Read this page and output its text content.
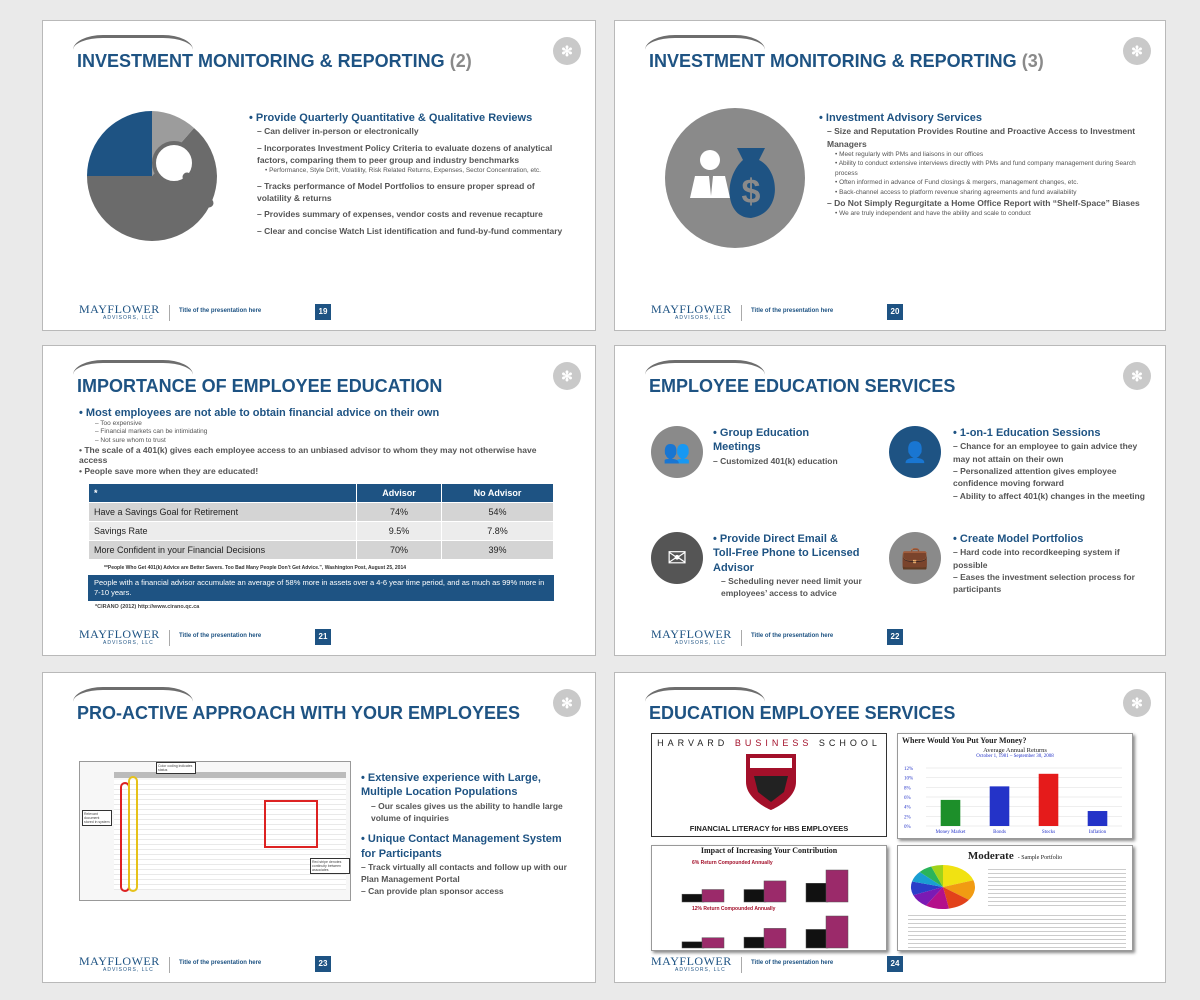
✻
INVESTMENT MONITORING & REPORTING (2)
• Provide Quarterly Quantitative & Qualitative Reviews
– Can deliver in-person or electronically
– Incorporates Investment Policy Criteria to evaluate dozens of analytical factors, comparing them to peer group and industry benchmarks
• Performance, Style Drift, Volatility, Risk Related Returns, Expenses, Sector Concentration, etc.
– Tracks performance of Model Portfolios to ensure proper spread of volatility & returns
– Provides summary of expenses, vendor costs and revenue recapture
– Clear and concise Watch List identification and fund-by-fund commentary
MAYFLOWER
ADVISORS, LLC
Title of the presentation here	19
✻
INVESTMENT MONITORING & REPORTING (3)
$
• Investment Advisory Services
– Size and Reputation Provides Routine and Proactive Access to Investment Managers
• Meet regularly with PMs and liaisons in our offices
• Ability to conduct extensive interviews directly with PMs and fund company management during Search process
• Often informed in advance of Fund closings & mergers, management changes, etc.
• Back-channel access to platform revenue sharing agreements and fund availability
– Do Not Simply Regurgitate a Home Office Report with “Shelf-Space” Biases
• We are truly independent and have the ability and scale to conduct
MAYFLOWER
ADVISORS, LLC
Title of the presentation here	20
✻
IMPORTANCE OF EMPLOYEE EDUCATION
• Most employees are not able to obtain financial advice on their own
– Too expensive
– Financial markets can be intimidating
– Not sure whom to trust
• The scale of a 401(k) gives each employee access to an unbiased advisor to whom they may not otherwise have access
• People save more when they are educated!
*	Advisor	No Advisor
Have a Savings Goal for Retirement	74%	54%
Savings Rate	9.5%	7.8%
More Confident in your Financial Decisions	70%	39%
**People Who Get 401(k) Advice are Better Savers. Too Bad Many People Don’t Get Advice.”, Washington Post, August 25, 2014
People with a financial advisor accumulate an average of 58% more in assets over a 4-6 year time period, and as much as 99% more in 7-10 years.
*CIRANO (2012) http://www.cirano.qc.ca
MAYFLOWER
ADVISORS, LLC
Title of the presentation here	21
✻
EMPLOYEE EDUCATION SERVICES
👥
• Group Education Meetings
– Customized 401(k) education	👤
• 1-on-1 Education Sessions
– Chance for an employee to gain advice they may not attain on their own
– Personalized attention gives employee confidence moving forward
– Ability to affect 401(k) changes in the meeting
✉
• Provide Direct Email & Toll-Free Phone to Licensed Advisor
– Scheduling never need limit your employees’ access to advice
💼
• Create Model Portfolios
– Hard code into recordkeeping system if possible
– Eases the investment selection process for participants
MAYFLOWER
ADVISORS, LLC
Title of the presentation here	22
✻
PRO-ACTIVE APPROACH WITH YOUR EMPLOYEES
Color coding indicates status
Relevant document stored in system
Red stripe denotes continuity between associates
• Extensive experience with Large, Multiple Location Populations
– Our scales gives us the ability to handle large volume of inquiries
• Unique Contact Management System for Participants
– Track virtually all contacts and follow up with our Plan Management Portal
– Can provide plan sponsor access
MAYFLOWER
ADVISORS, LLC
Title of the presentation here	23
✻
EDUCATION EMPLOYEE SERVICES
HARVARD BUSINESS SCHOOL
FINANCIAL LITERACY for HBS EMPLOYEES
Where Would You Put Your Money?
Average Annual Returns
October 1, 1981 – September 30, 2008
12%
10%
8%
6%
4%
2%
0%
Money Market	Bonds	Stocks	Inflation
Impact of Increasing Your Contribution
6% Return Compounded Annually
12% Return Compounded Annually
Moderate - Sample Portfolio
MAYFLOWER
ADVISORS, LLC
Title of the presentation here	24
